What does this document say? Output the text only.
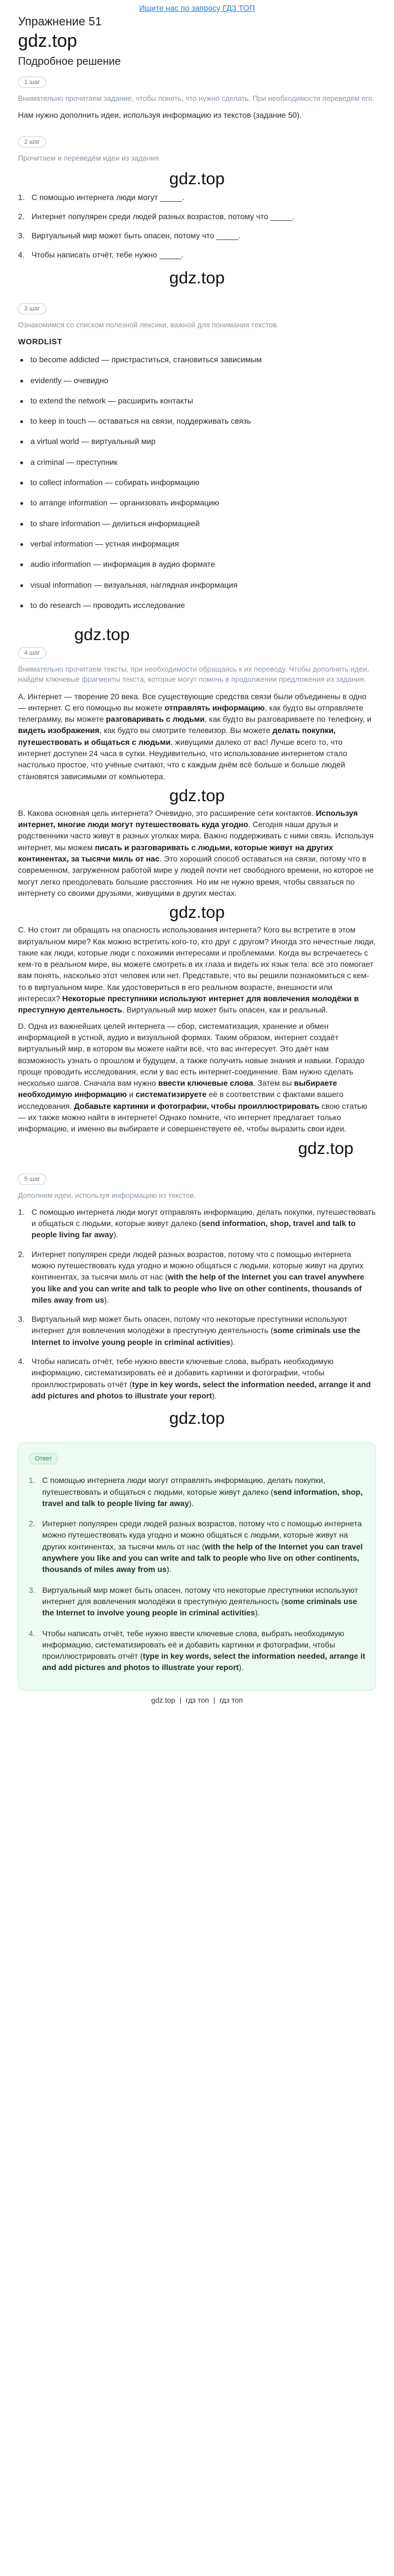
Ищите нас по запросу ГДЗ ТОП
Упражнение 51
gdz.top
Подробное решение
1 шаг

Внимательно прочитаем задание, чтобы понять, что нужно сделать. При необходимости переведём его.

Нам нужно дополнить идеи, используя информацию из текстов (задание 50).

2 шаг

Прочитаем и переведём идеи из задания.

gdz.top
1. С помощью интернета люди могут _____.
2. Интернет популярен среди людей разных возрастов, потому что _____.
3. Виртуальный мир может быть опасен, потому что _____.
4. Чтобы написать отчёт, тебе нужно _____.
gdz.top
3 шаг

Ознакомимся со списком полезной лексики, важной для понимания текстов.

WORDLIST

to become addicted — пристраститься, становиться зависимым
evidently — очевидно
to extend the network — расширить контакты
to keep in touch — оставаться на связи, поддерживать связь
a virtual world — виртуальный мир
a criminal — преступник
to collect information — собирать информацию
to arrange information — организовать информацию
to share information — делиться информацией
verbal information — устная информация
audio information — информация в аудио формате
visual information — визуальная, наглядная информация
to do research — проводить исследование
gdz.top
4 шаг

Внимательно прочитаем тексты, при необходимости обращаясь к их переводу. Чтобы дополнить идеи, найдём ключевые фрагменты текста, которые могут помочь в продолжении предложения из задания.

A. Интернет — творение 20 века. Все существующие средства связи были объединены в одно — интернет. С его помощью вы можете отправлять информацию, как будто вы отправляете телеграмму, вы можете разговаривать с людьми, как будто вы разговариваете по телефону, и видеть изображения, как будто вы смотрите телевизор. Вы можете делать покупки, путешествовать и общаться с людьми, живущими далеко от вас! Лучше всего то, что интернет доступен 24 часа в сутки. Неудивительно, что использование интернетом стало настолько простое, что учёные считают, что с каждым днём всё больше и больше людей становятся зависимыми от компьютера.

gdz.top

B. Какова основная цель интернета? Очевидно, это расширение сети контактов. Используя интернет, многие люди могут путешествовать куда угодно. Сегодня наши друзья и родственники часто живут в разных уголках мира. Важно поддерживать с ними связь. Используя интернет, мы можем писать и разговаривать с людьми, которые живут на других континентах, за тысячи миль от нас. Это хороший способ оставаться на связи, потому что в современном, загруженном работой мире у людей почти нет свободного времени, но которое не могут легко преодолевать большие расстояния. Но им не нужно время, чтобы связаться по интернету со своими друзьями, живущими в других местах.

gdz.top

C. Но стоит ли обращать на опасность использования интернета? Кого вы встретите в этом виртуальном мире? Как можно встретить кого-то, кто друг с другом? Иногда это нечестные люди, такие как люди, которые люди с похожими интересами и проблемами. Когда вы встречаетесь с кем-то в реальном мире, вы можете смотреть в их глаза и видеть их язык тела: всё это помогает вам понять, насколько этот человек или нет. Представьте, что вы решили познакомиться с кем-то в виртуальном мире. Как удостовериться в его реальном возрасте, внешности или интересах? Некоторые преступники используют интернет для вовлечения молодёжи в преступную деятельность. Виртуальный мир может быть опасен, как и реальный.

D. Одна из важнейших целей интернета — сбор, систематизация, хранение и обмен информацией в устной, аудио и визуальной формах. Таким образом, интернет создаёт виртуальный мир, в котором вы можете найти всё, что вас интересует. Это даёт нам возможность узнать о прошлом и будущем, а также получить новые знания и навыки. Гораздо проще проводить исследования, если у вас есть интернет-соединение. Вам нужно сделать несколько шагов. Сначала вам нужно ввести ключевые слова. Затем вы выбираете необходимую информацию и систематизируете её в соответствии с фактами вашего исследования. Добавьте картинки и фотографии, чтобы проиллюстрировать свою статью — их также можно найти в интернете! Однако помните, что интернет предлагает только информацию, и именно вы выбираете и совершенствуете её, чтобы выразить свои идеи.

gdz.top
5 шаг

Дополним идеи, используя информацию из текстов.

1. С помощью интернета люди могут отправлять информацию, делать покупки, путешествовать и общаться с людьми, которые живут далеко (send information, shop, travel and talk to people living far away).
2. Интернет популярен среди людей разных возрастов, потому что с помощью интернета можно путешествовать куда угодно и можно общаться с людьми, которые живут на других континентах, за тысячи миль от нас (with the help of the Internet you can travel anywhere you like and you can write and talk to people who live on other continents, thousands of miles away from us).
3. Виртуальный мир может быть опасен, потому что некоторые преступники используют интернет для вовлечения молодёжи в преступную деятельность (some criminals use the Internet to involve young people in criminal activities).
4. Чтобы написать отчёт, тебе нужно ввести ключевые слова, выбрать необходимую информацию, систематизировать её и добавить картинки и фотографии, чтобы проиллюстрировать отчёт (type in key words, select the information needed, arrange it and add pictures and photos to illustrate your report).
gdz.top
Ответ
1. С помощью интернета люди могут отправлять информацию, делать покупки, путешествовать и общаться с людьми, которые живут далеко (send information, shop, travel and talk to people living far away).
2. Интернет популярен среди людей разных возрастов, потому что с помощью интернета можно путешествовать куда угодно и можно общаться с людьми, которые живут на других континентах, за тысячи миль от нас (with the help of the Internet you can travel anywhere you like and you can write and talk to people who live on other continents, thousands of miles away from us).
3. Виртуальный мир может быть опасен, потому что некоторые преступники используют интернет для вовлечения молодёжи в преступную деятельность (some criminals use the Internet to involve young people in criminal activities).
4. Чтобы написать отчёт, тебе нужно ввести ключевые слова, выбрать необходимую информацию, систематизировать её и добавить картинки и фотографии, чтобы проиллюстрировать отчёт (type in key words, select the information needed, arrange it and add pictures and photos to illustrate your report).
gdz.top | гдз топ | гдз топ
